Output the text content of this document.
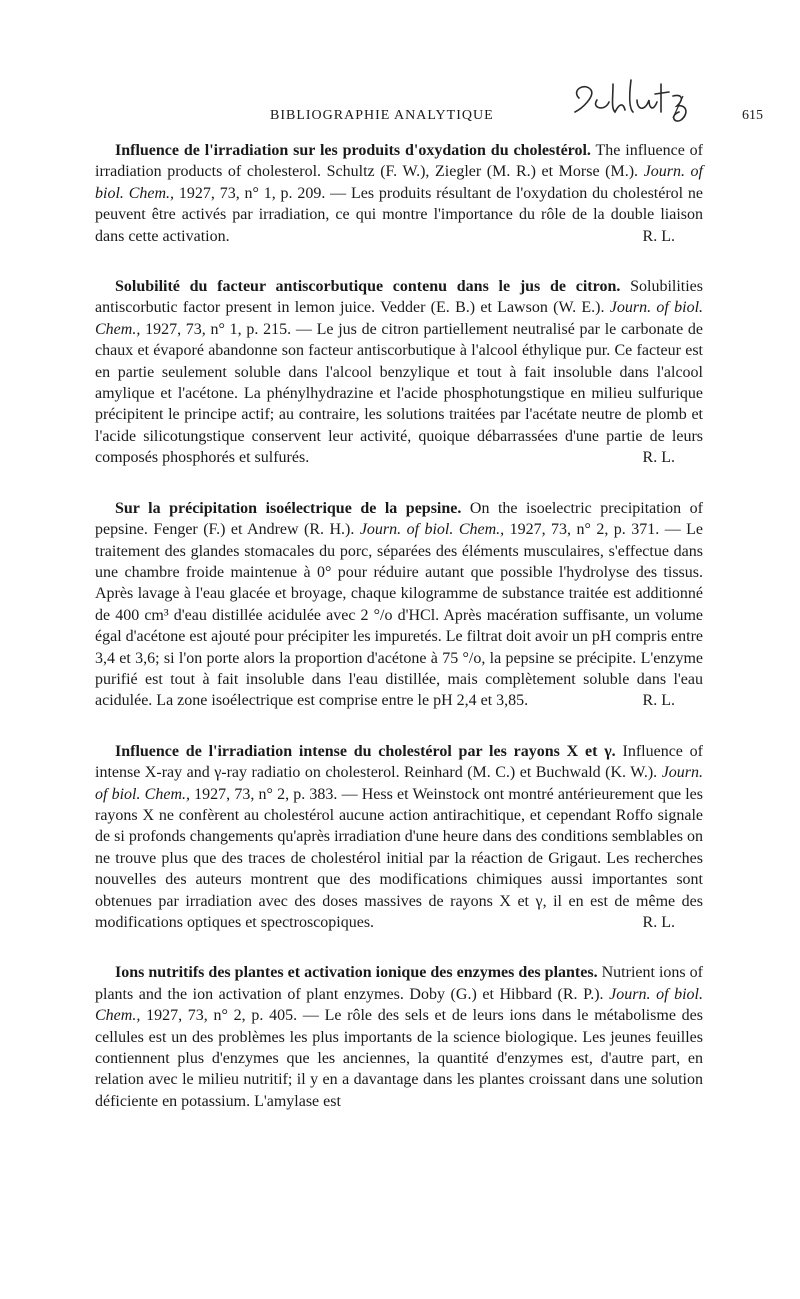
BIBLIOGRAPHIE ANALYTIQUE	615

Influence de l'irradiation sur les produits d'oxydation du cholestérol. The influence of irradiation products of cholesterol. Schultz (F. W.), Ziegler (M. R.) et Morse (M.). Journ. of biol. Chem., 1927, 73, n° 1, p. 209. — Les produits résultant de l'oxydation du cholestérol ne peuvent être activés par irradiation, ce qui montre l'importance du rôle de la double liaison dans cette activation.	R. L.

Solubilité du facteur antiscorbutique contenu dans le jus de citron. Solubilities antiscorbutic factor present in lemon juice. Vedder (E. B.) et Lawson (W. E.). Journ. of biol. Chem., 1927, 73, n° 1, p. 215. — Le jus de citron partiellement neutralisé par le carbonate de chaux et évaporé abandonne son facteur antiscorbutique à l'alcool éthylique pur. Ce facteur est en partie seulement soluble dans l'alcool benzylique et tout à fait insoluble dans l'alcool amylique et l'acétone. La phénylhydrazine et l'acide phosphotungstique en milieu sulfurique précipitent le principe actif; au contraire, les solutions traitées par l'acétate neutre de plomb et l'acide silicotungstique conservent leur activité, quoique débarrassées d'une partie de leurs composés phosphorés et sulfurés.	R. L.

Sur la précipitation isoélectrique de la pepsine. On the isoelectric precipitation of pepsine. Fenger (F.) et Andrew (R. H.). Journ. of biol. Chem., 1927, 73, n° 2, p. 371. — Le traitement des glandes stomacales du porc, séparées des éléments musculaires, s'effectue dans une chambre froide maintenue à 0° pour réduire autant que possible l'hydrolyse des tissus. Après lavage à l'eau glacée et broyage, chaque kilogramme de substance traitée est additionné de 400 cm³ d'eau distillée acidulée avec 2 °/o d'HCl. Après macération suffisante, un volume égal d'acétone est ajouté pour précipiter les impuretés. Le filtrat doit avoir un pH compris entre 3,4 et 3,6; si l'on porte alors la proportion d'acétone à 75 °/o, la pepsine se précipite. L'enzyme purifié est tout à fait insoluble dans l'eau distillée, mais complètement soluble dans l'eau acidulée. La zone isoélectrique est comprise entre le pH 2,4 et 3,85.	R. L.

Influence de l'irradiation intense du cholestérol par les rayons X et γ. Influence of intense X-ray and γ-ray radiatio on cholesterol. Reinhard (M. C.) et Buchwald (K. W.). Journ. of biol. Chem., 1927, 73, n° 2, p. 383. — Hess et Weinstock ont montré antérieurement que les rayons X ne confèrent au cholestérol aucune action antirachitique, et cependant Roffo signale de si profonds changements qu'après irradiation d'une heure dans des conditions semblables on ne trouve plus que des traces de cholestérol initial par la réaction de Grigaut. Les recherches nouvelles des auteurs montrent que des modifications chimiques aussi importantes sont obtenues par irradiation avec des doses massives de rayons X et γ, il en est de même des modifications optiques et spectroscopiques.	R. L.

Ions nutritifs des plantes et activation ionique des enzymes des plantes. Nutrient ions of plants and the ion activation of plant enzymes. Doby (G.) et Hibbard (R. P.). Journ. of biol. Chem., 1927, 73, n° 2, p. 405. — Le rôle des sels et de leurs ions dans le métabolisme des cellules est un des problèmes les plus importants de la science biologique. Les jeunes feuilles contiennent plus d'enzymes que les anciennes, la quantité d'enzymes est, d'autre part, en relation avec le milieu nutritif; il y en a davantage dans les plantes croissant dans une solution déficiente en potassium. L'amylase est
